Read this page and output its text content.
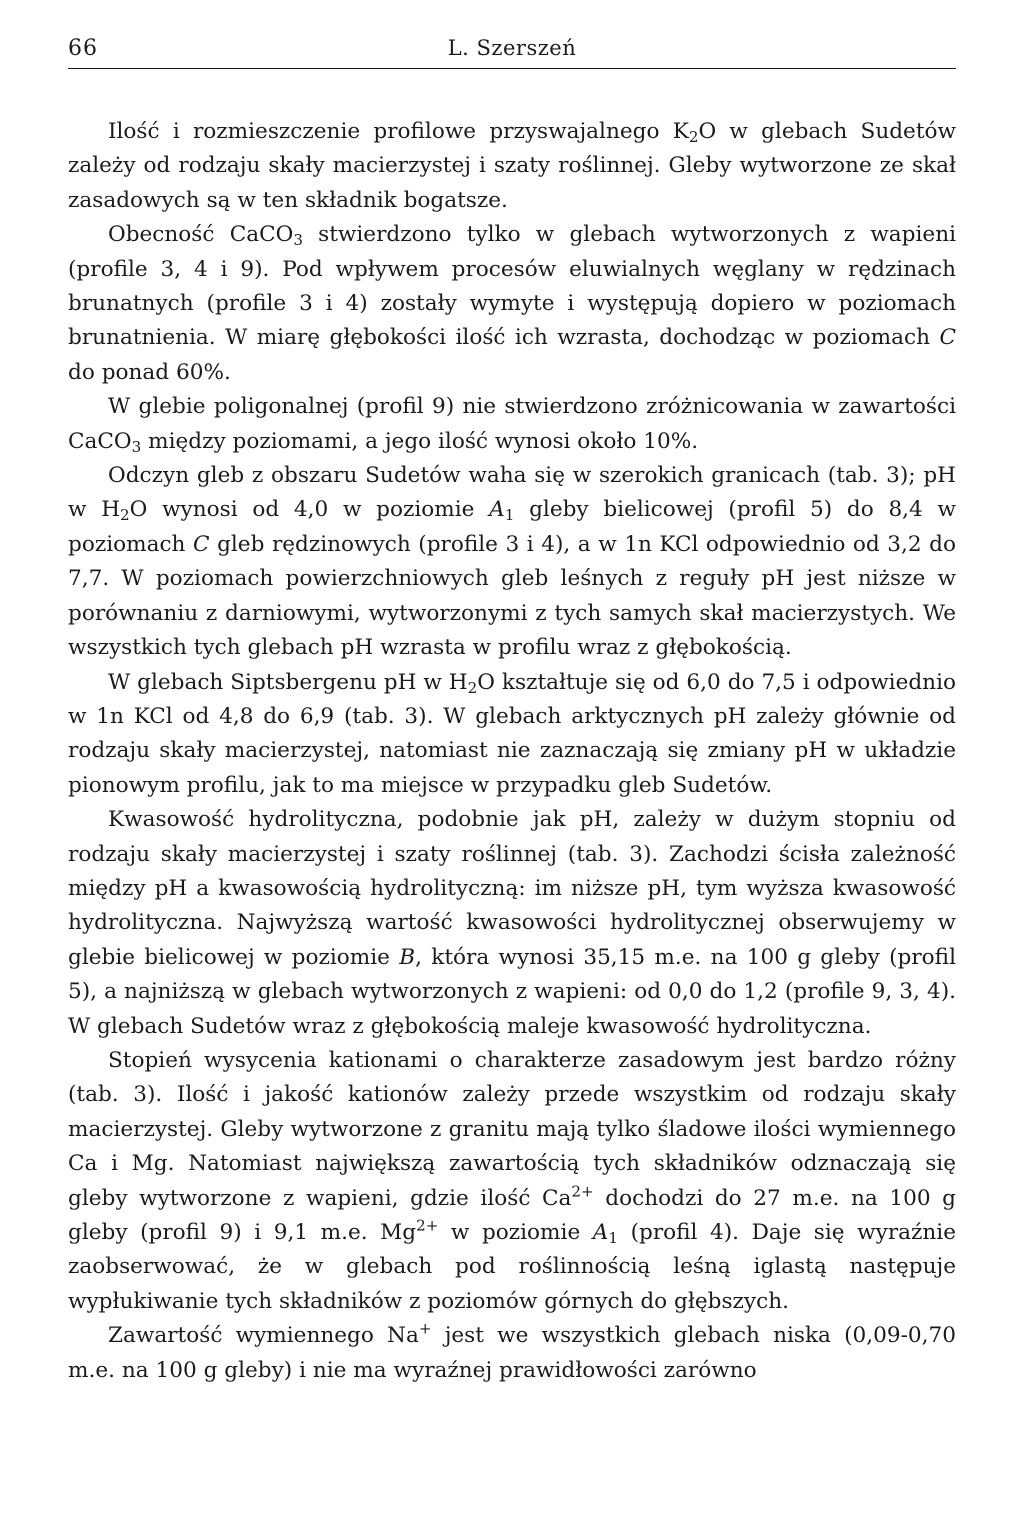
66	L. Szerszeń

Ilość i rozmieszczenie profilowe przyswajalnego $K_2O$ w glebach Sudetów zależy od rodzaju skały macierzystej i szaty roślinnej. Gleby wytworzone ze skał zasadowych są w ten składnik bogatsze.

Obecność CaCO$_3$ stwierdzono tylko w glebach wytworzonych z wapieni (profile 3, 4 i 9). Pod wpływem procesów eluwialnych węglany w rędzinach brunatnych (profile 3 i 4) zostały wymyte i występują dopiero w poziomach brunatnienia. W miarę głębokości ilość ich wzrasta, dochodząc w poziomach C do ponad 60%.

W glebie poligonalnej (profil 9) nie stwierdzono zróżnicowania w zawartości CaCO$_3$ między poziomami, a jego ilość wynosi około 10%.

Odczyn gleb z obszaru Sudetów waha się w szerokich granicach (tab. 3); pH w $H_2O$ wynosi od 4,0 w poziomie $A_1$ gleby bielicowej (profil 5) do 8,4 w poziomach C gleb rędzinowych (profile 3 i 4), a w 1n KCl odpowiednio od 3,2 do 7,7. W poziomach powierzchniowych gleb leśnych z reguły pH jest niższe w porównaniu z darniowymi, wytworzonymi z tych samych skał macierzystych. We wszystkich tych glebach pH wzrasta w profilu wraz z głębokością.

W glebach Siptsbergenu pH w $H_2O$ kształtuje się od 6,0 do 7,5 i odpowiednio w 1n KCl od 4,8 do 6,9 (tab. 3). W glebach arktycznych pH zależy głównie od rodzaju skały macierzystej, natomiast nie zaznaczają się zmiany pH w układzie pionowym profilu, jak to ma miejsce w przypadku gleb Sudetów.

Kwasowość hydrolityczna, podobnie jak pH, zależy w dużym stopniu od rodzaju skały macierzystej i szaty roślinnej (tab. 3). Zachodzi ścisła zależność między pH a kwasowością hydrolityczną: im niższe pH, tym wyższa kwasowość hydrolityczna. Najwyższą wartość kwasowości hydrolitycznej obserwujemy w glebie bielicowej w poziomie B, która wynosi 35,15 m.e. na 100 g gleby (profil 5), a najniższą w glebach wytworzonych z wapieni: od 0,0 do 1,2 (profile 9, 3, 4). W glebach Sudetów wraz z głębokością maleje kwasowość hydrolityczna.

Stopień wysycenia kationami o charakterze zasadowym jest bardzo różny (tab. 3). Ilość i jakość kationów zależy przede wszystkim od rodzaju skały macierzystej. Gleby wytworzone z granitu mają tylko śladowe ilości wymiennego Ca i Mg. Natomiast największą zawartością tych składników odznaczają się gleby wytworzone z wapieni, gdzie ilość $Ca^{2+}$ dochodzi do 27 m.e. na 100 g gleby (profil 9) i 9,1 m.e. $Mg^{2+}$ w poziomie $A_1$ (profil 4). Daje się wyraźnie zaobserwować, że w glebach pod roślinnością leśną iglastą następuje wypłukiwanie tych składników z poziomów górnych do głębszych.

Zawartość wymiennego Na+ jest we wszystkich glebach niska (0,09-0,70 m.e. na 100 g gleby) i nie ma wyraźnej prawidłowości zarówno
